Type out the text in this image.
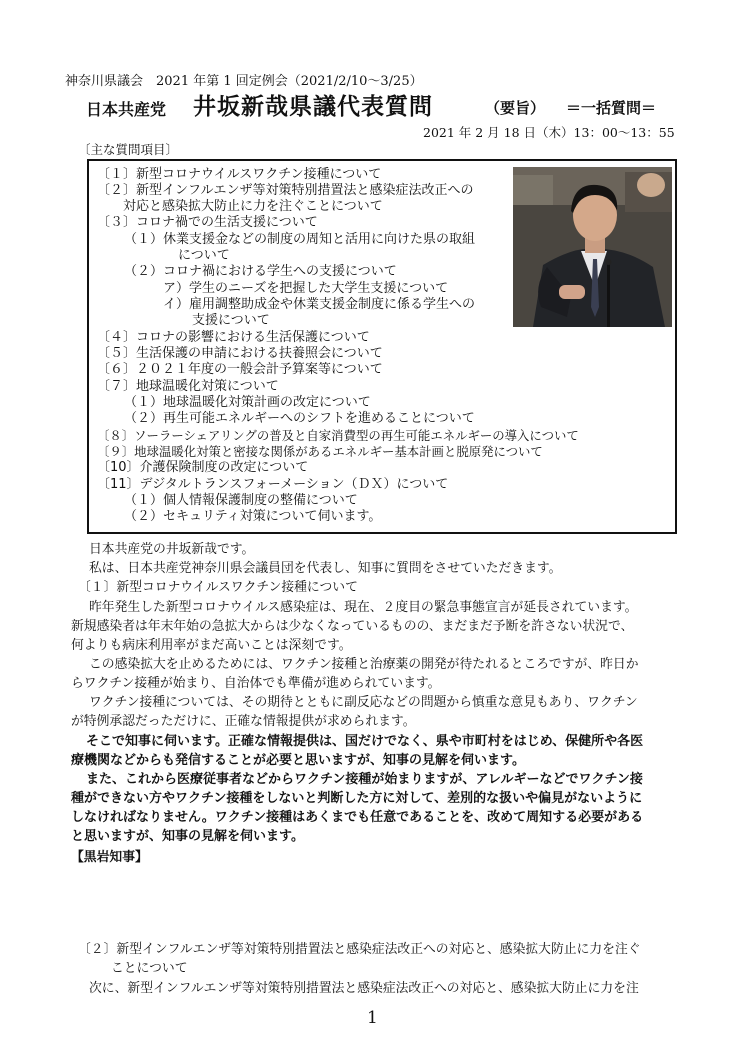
神奈川県議会　2021 年第 1 回定例会（2021/2/10～3/25）
日本共産党 井坂新哉県議代表質問	（要旨） ＝一括質問＝
2021 年 2 月 18 日（木）13：00～13：55
〔主な質問項目〕
〔１〕新型コロナウイルスワクチン接種について
〔２〕新型インフルエンザ等対策特別措置法と感染症法改正への
　　対応と感染拡大防止に力を注ぐことについて
〔３〕コロナ禍での生活支援について
（１）休業支援金などの制度の周知と活用に向けた県の取組
について
（２）コロナ禍における学生への支援について
ア）学生のニーズを把握した大学生支援について
イ）雇用調整助成金や休業支援金制度に係る学生への
支援について
〔４〕コロナの影響における生活保護について
〔５〕生活保護の申請における扶養照会について
〔６〕２０２１年度の一般会計予算案等について
〔７〕地球温暖化対策について
（１）地球温暖化対策計画の改定について
（２）再生可能エネルギーへのシフトを進めることについて
〔８〕ソーラーシェアリングの普及と自家消費型の再生可能エネルギーの導入について
〔９〕地球温暖化対策と密接な関係があるエネルギー基本計画と脱原発について
〔10〕介護保険制度の改定について
〔11〕デジタルトランスフォーメーション（ＤＸ）について
（１）個人情報保護制度の整備について
（２）セキュリティ対策について伺います。
日本共産党の井坂新哉です。
私は、日本共産党神奈川県会議員団を代表し、知事に質問をさせていただきます。
〔１〕新型コロナウイルスワクチン接種について
昨年発生した新型コロナウイルス感染症は、現在、２度目の緊急事態宣言が延長されています。
新規感染者は年末年始の急拡大からは少なくなっているものの、まだまだ予断を許さない状況で、
何よりも病床利用率がまだ高いことは深刻です。
この感染拡大を止めるためには、ワクチン接種と治療薬の開発が待たれるところですが、昨日か
らワクチン接種が始まり、自治体でも準備が進められています。
ワクチン接種については、その期待とともに副反応などの問題から慎重な意見もあり、ワクチン
が特例承認だっただけに、正確な情報提供が求められます。
そこで知事に伺います。正確な情報提供は、国だけでなく、県や市町村をはじめ、保健所や各医
療機関などからも発信することが必要と思いますが、知事の見解を伺います。
また、これから医療従事者などからワクチン接種が始まりますが、アレルギーなどでワクチン接
種ができない方やワクチン接種をしないと判断した方に対して、差別的な扱いや偏見がないように
しなければなりません。ワクチン接種はあくまでも任意であることを、改めて周知する必要がある
と思いますが、知事の見解を伺います。
【黒岩知事】
〔２〕新型インフルエンザ等対策特別措置法と感染症法改正への対応と、感染拡大防止に力を注ぐ
ことについて
次に、新型インフルエンザ等対策特別措置法と感染症法改正への対応と、感染拡大防止に力を注
1
